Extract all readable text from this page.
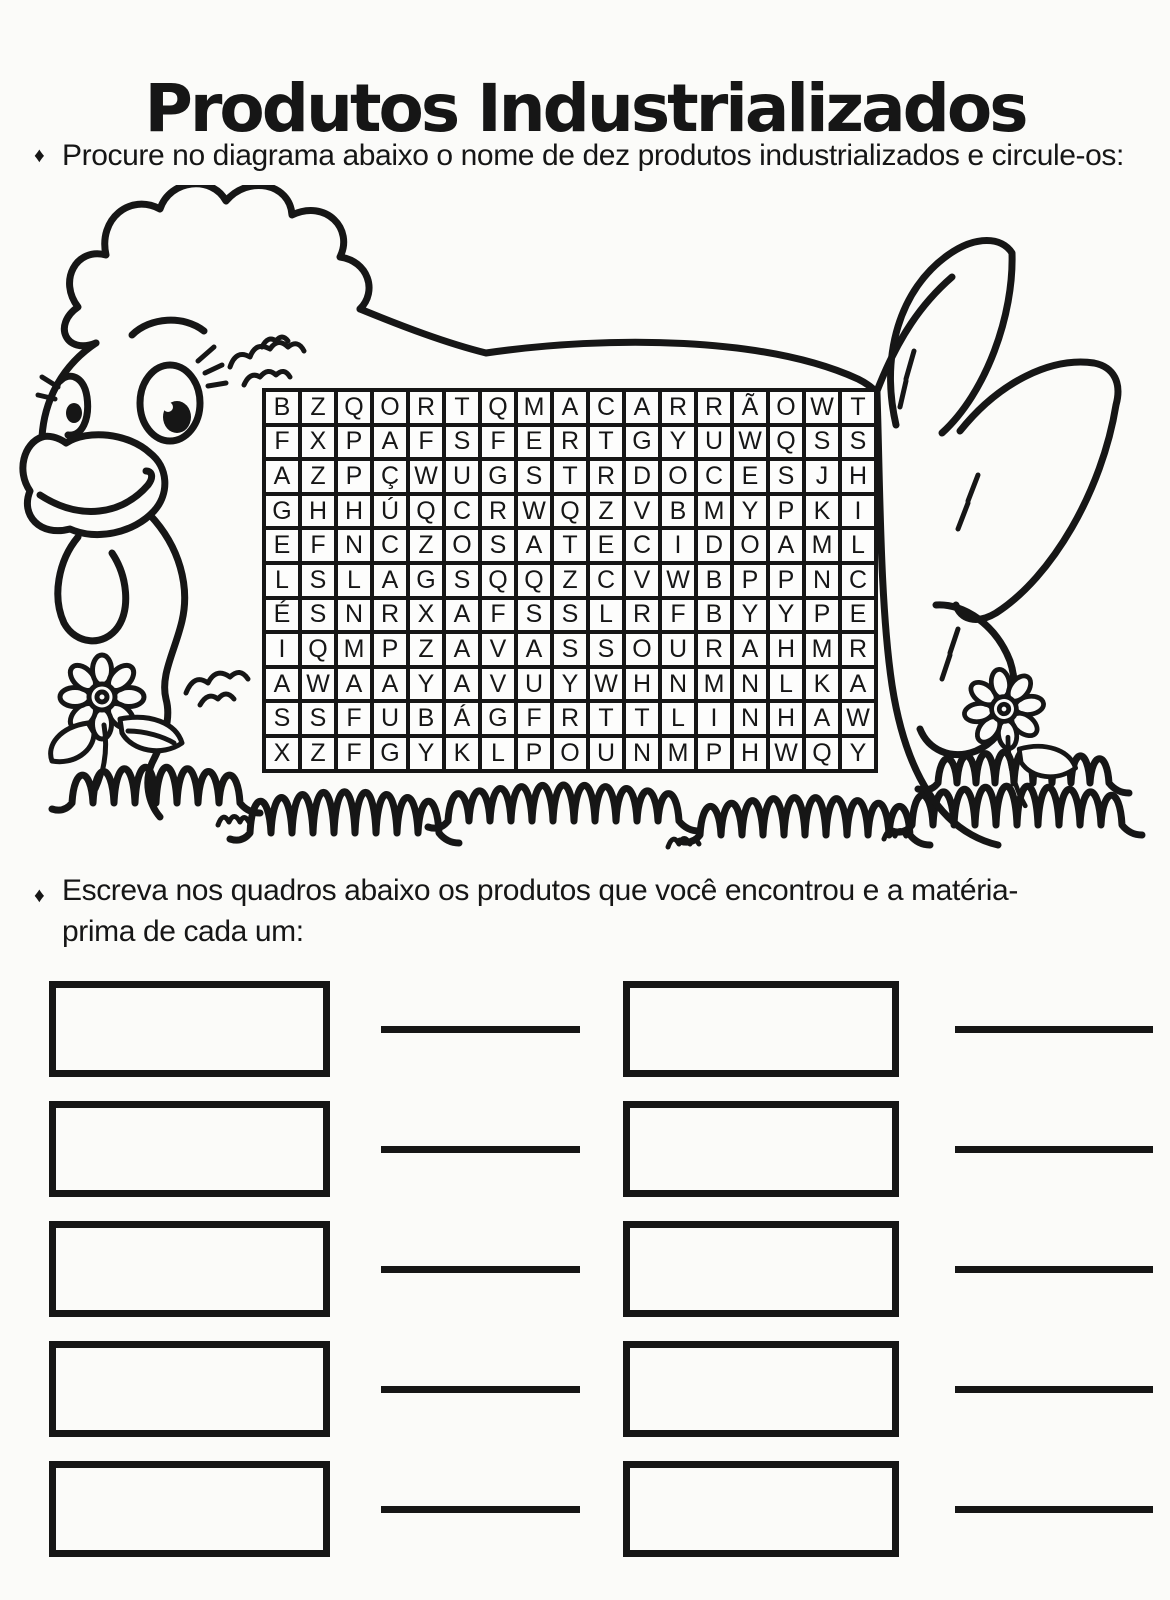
Produtos Industrializados
♦ Procure no diagrama abaixo o nome de dez produtos industrializados e circule-os:
B Z Q O R T Q M A C A R R Ã O W T
F X P A F S F E R T G Y U W Q S S
A Z P Ç W U G S T R D O C E S J H
G H H Ú Q C R W Q Z V B M Y P K I
E F N C Z O S A T E C I D O A M L
L S L A G S Q Q Z C V W B P P N C
É S N R X A F S S L R F B Y Y P E
I Q M P Z A V A S S O U R A H M R
A W A A Y A V U Y W H N M N L K A
S S F U B Á G F R T T L	I N H A W
X Z F G Y K L P O U N M P H W Q Y
♦ Escreva nos quadros abaixo os produtos que você encontrou e a matéria-
prima de cada um:
